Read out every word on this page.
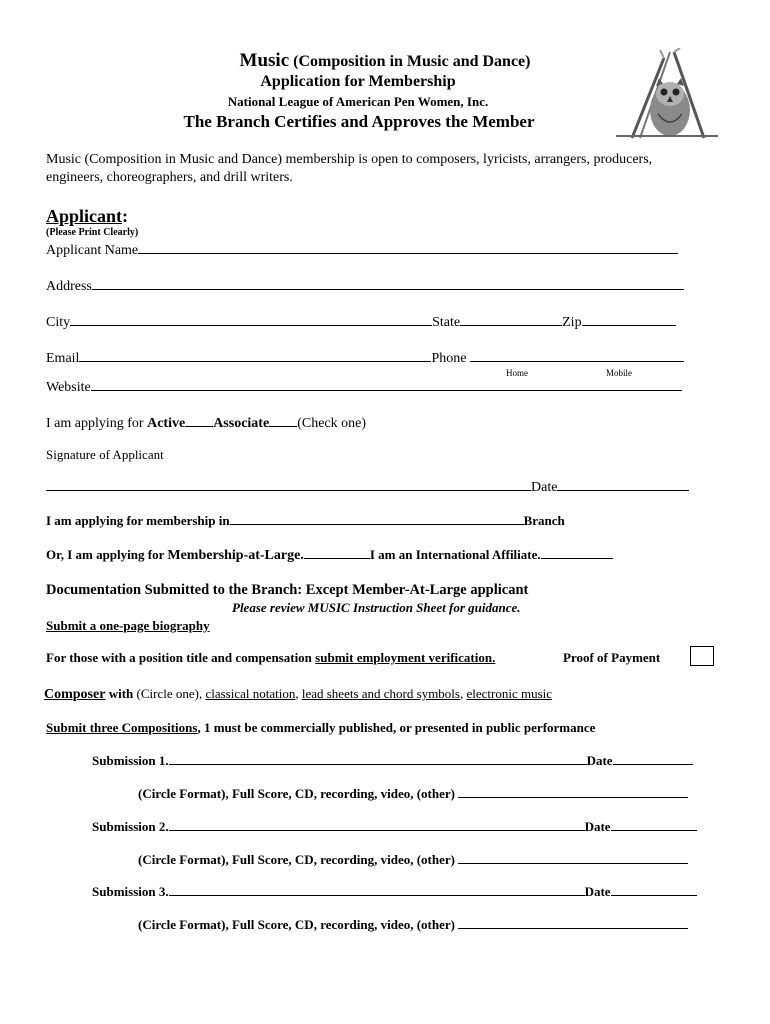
Music (Composition in Music and Dance)
Application for Membership
National League of American Pen Women, Inc.
The Branch Certifies and Approves the Member
Music (Composition in Music and Dance) membership is open to composers, lyricists, arrangers, producers,
engineers, choreographers, and drill writers.
Applicant:
(Please Print Clearly)
Applicant Name
Address
City	State	Zip
Email	Phone
Home	Mobile
Website
I am applying for Active Associate (Check one)
Signature of Applicant
Date
I am applying for membership in	Branch
Or, I am applying for Membership-at-Large.	I am an International Affiliate.
Documentation Submitted to the Branch: Except Member-At-Large applicant
Please review MUSIC Instruction Sheet for guidance.
Submit a one-page biography
For those with a position title and compensation submit employment verification.	Proof of Payment
Composer with (Circle one), classical notation, lead sheets and chord symbols, electronic music
Submit three Compositions, 1 must be commercially published, or presented in public performance
Submission 1.	Date
(Circle Format), Full Score, CD, recording, video, (other)
Submission 2.	Date
(Circle Format), Full Score, CD, recording, video, (other)
Submission 3.	Date
(Circle Format), Full Score, CD, recording, video, (other)
